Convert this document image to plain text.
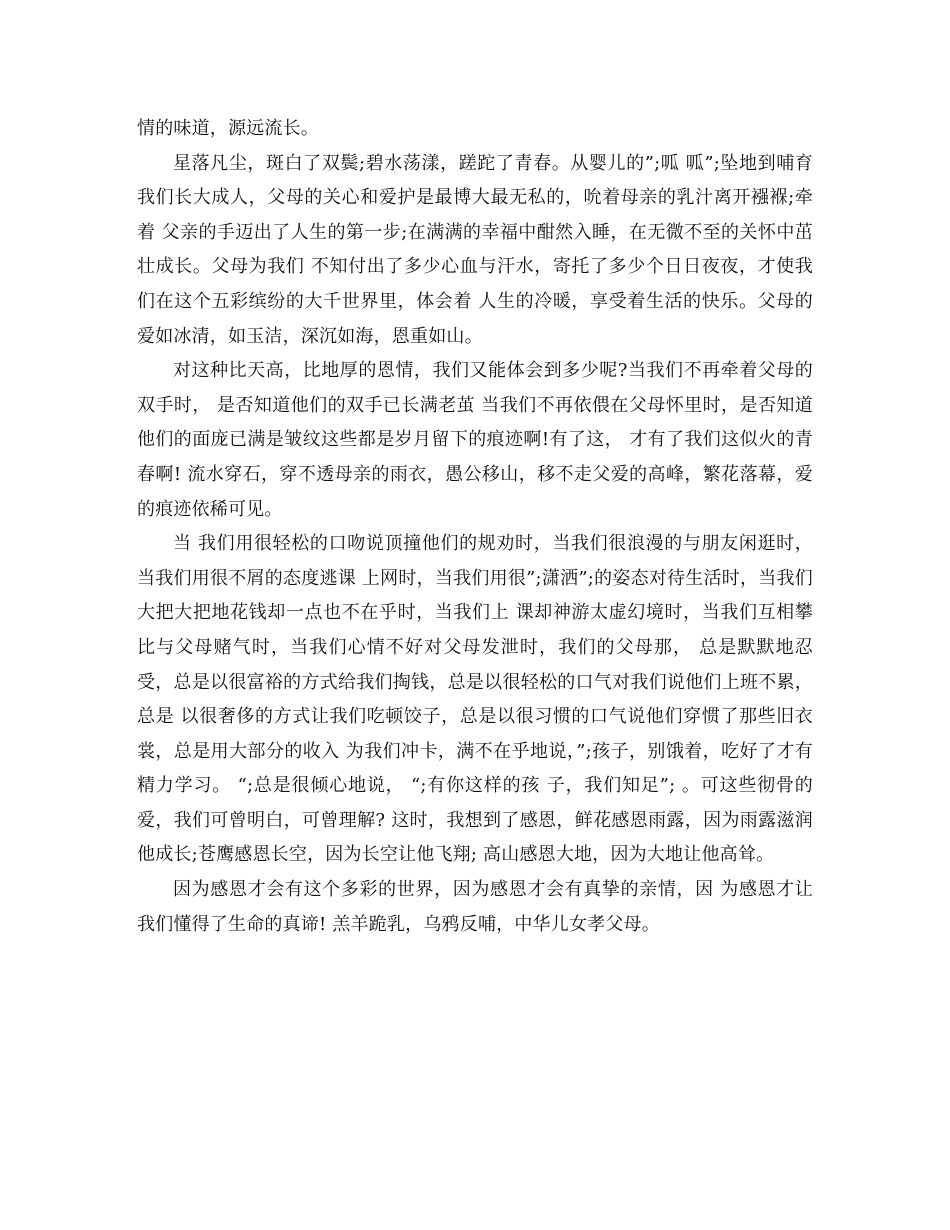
情的味道，源远流长。

星落凡尘，斑白了双鬓;碧水荡漾，蹉跎了青春。从婴儿的”;呱 呱”;坠地到哺育我们长大成人，父母的关心和爱护是最博大最无私的，吮着母亲的乳汁离开襁褓;牵着 父亲的手迈出了人生的第一步;在满满的幸福中酣然入睡，在无微不至的关怀中茁壮成长。父母为我们 不知付出了多少心血与汗水，寄托了多少个日日夜夜，才使我们在这个五彩缤纷的大千世界里，体会着 人生的冷暖，享受着生活的快乐。父母的爱如冰清，如玉洁，深沉如海，恩重如山。

对这种比天高，比地厚的恩情，我们又能体会到多少呢?当我们不再牵着父母的双手时， 是否知道他们的双手已长满老茧 当我们不再依偎在父母怀里时，是否知道他们的面庞已满是皱纹这些都是岁月留下的痕迹啊!有了这， 才有了我们这似火的青春啊! 流水穿石，穿不透母亲的雨衣，愚公移山，移不走父爱的高峰，繁花落幕，爱的痕迹依稀可见。

当 我们用很轻松的口吻说顶撞他们的规劝时，当我们很浪漫的与朋友闲逛时，当我们用很不屑的态度逃课 上网时，当我们用很”;潇洒”;的姿态对待生活时，当我们大把大把地花钱却一点也不在乎时，当我们上 课却神游太虚幻境时，当我们互相攀比与父母赌气时，当我们心情不好对父母发泄时，我们的父母那， 总是默默地忍受，总是以很富裕的方式给我们掏钱，总是以很轻松的口气对我们说他们上班不累，总是 以很奢侈的方式让我们吃顿饺子，总是以很习惯的口气说他们穿惯了那些旧衣裳，总是用大部分的收入 为我们冲卡，满不在乎地说，”;孩子，别饿着，吃好了才有精力学习。 “;总是很倾心地说， “;有你这样的孩 子，我们知足”; 。可这些彻骨的爱，我们可曾明白，可曾理解? 这时，我想到了感恩，鲜花感恩雨露，因为雨露滋润他成长;苍鹰感恩长空，因为长空让他飞翔; 高山感恩大地，因为大地让他高耸。

因为感恩才会有这个多彩的世界，因为感恩才会有真挚的亲情，因 为感恩才让我们懂得了生命的真谛! 羔羊跪乳，乌鸦反哺，中华儿女孝父母。
